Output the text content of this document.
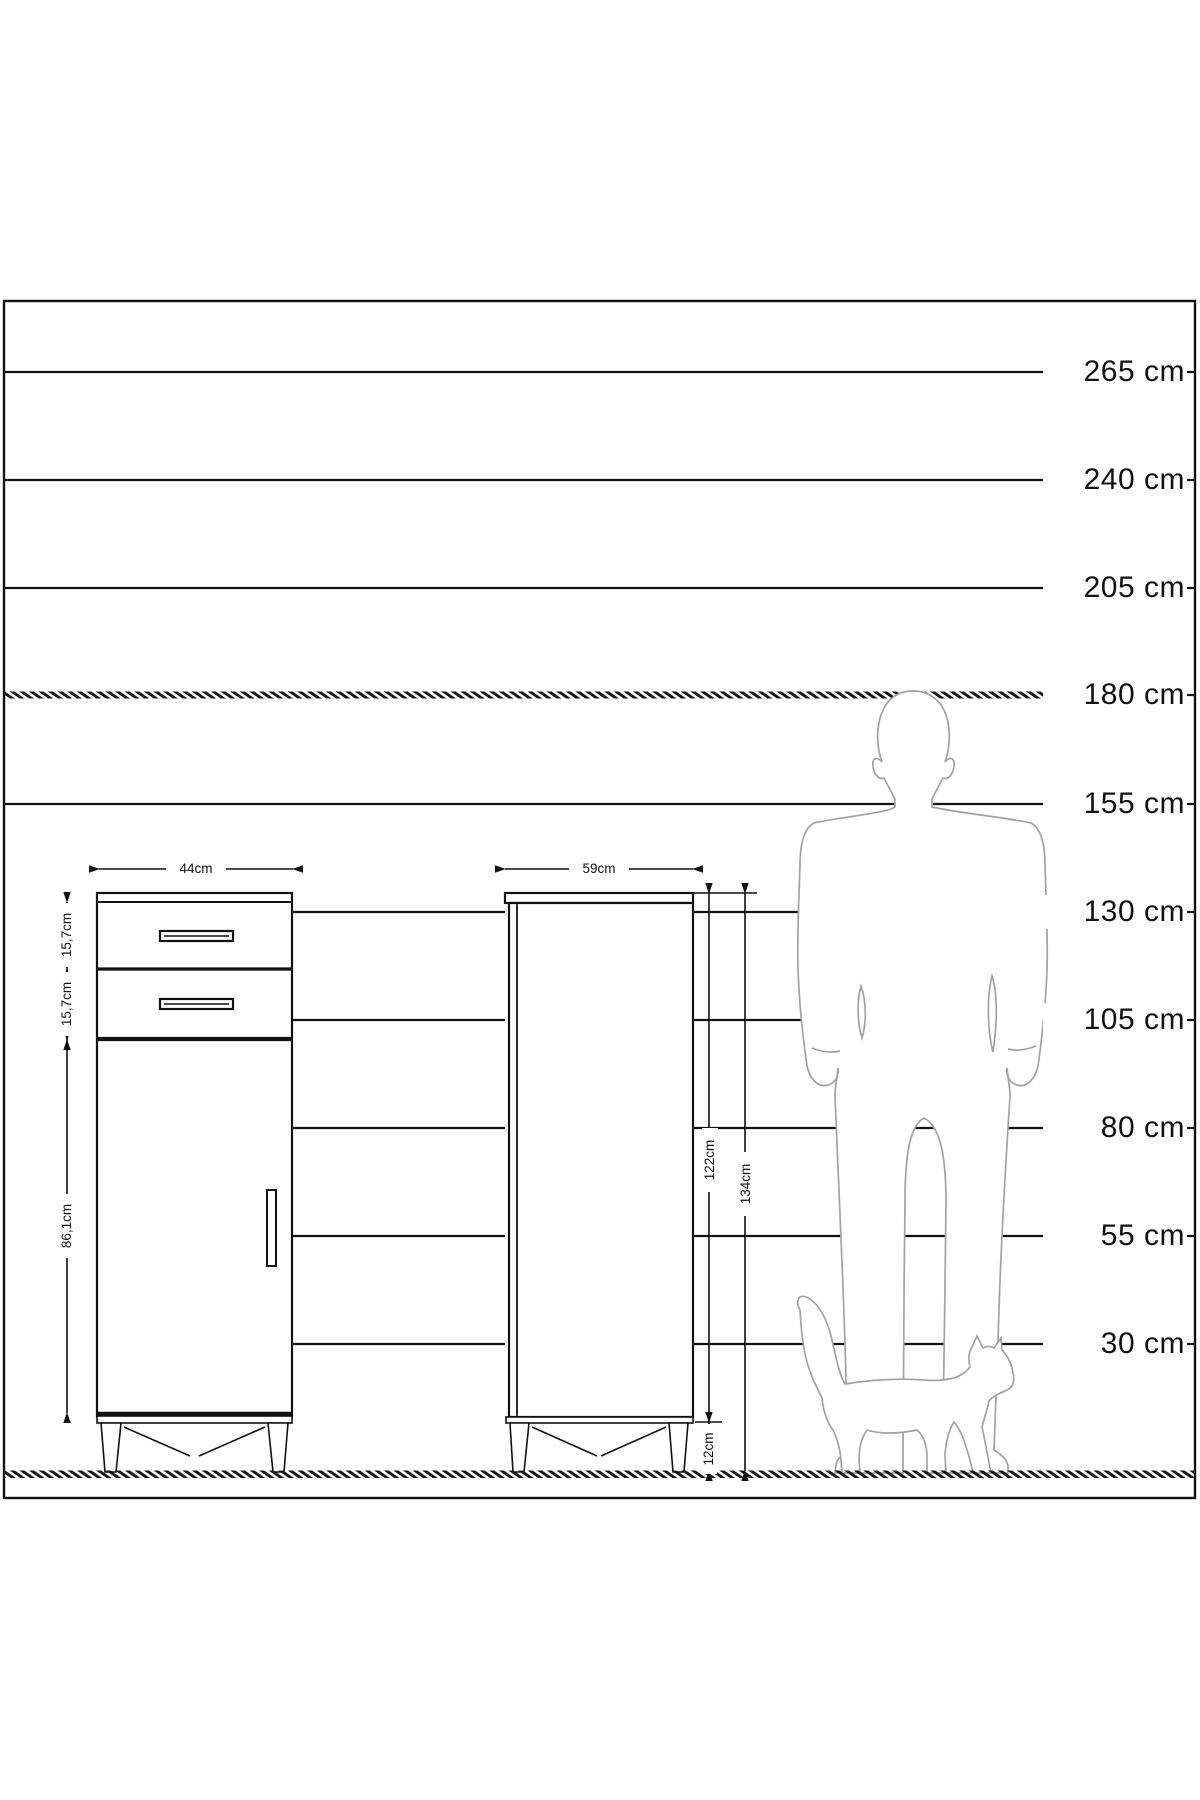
265 cm
240 cm
205 cm
180 cm
155 cm
130 cm
105 cm
80 cm
55 cm
30 cm
44cm	59cm
15,7cm
15,7cm
86,1cm
122cm
134cm
12cm
